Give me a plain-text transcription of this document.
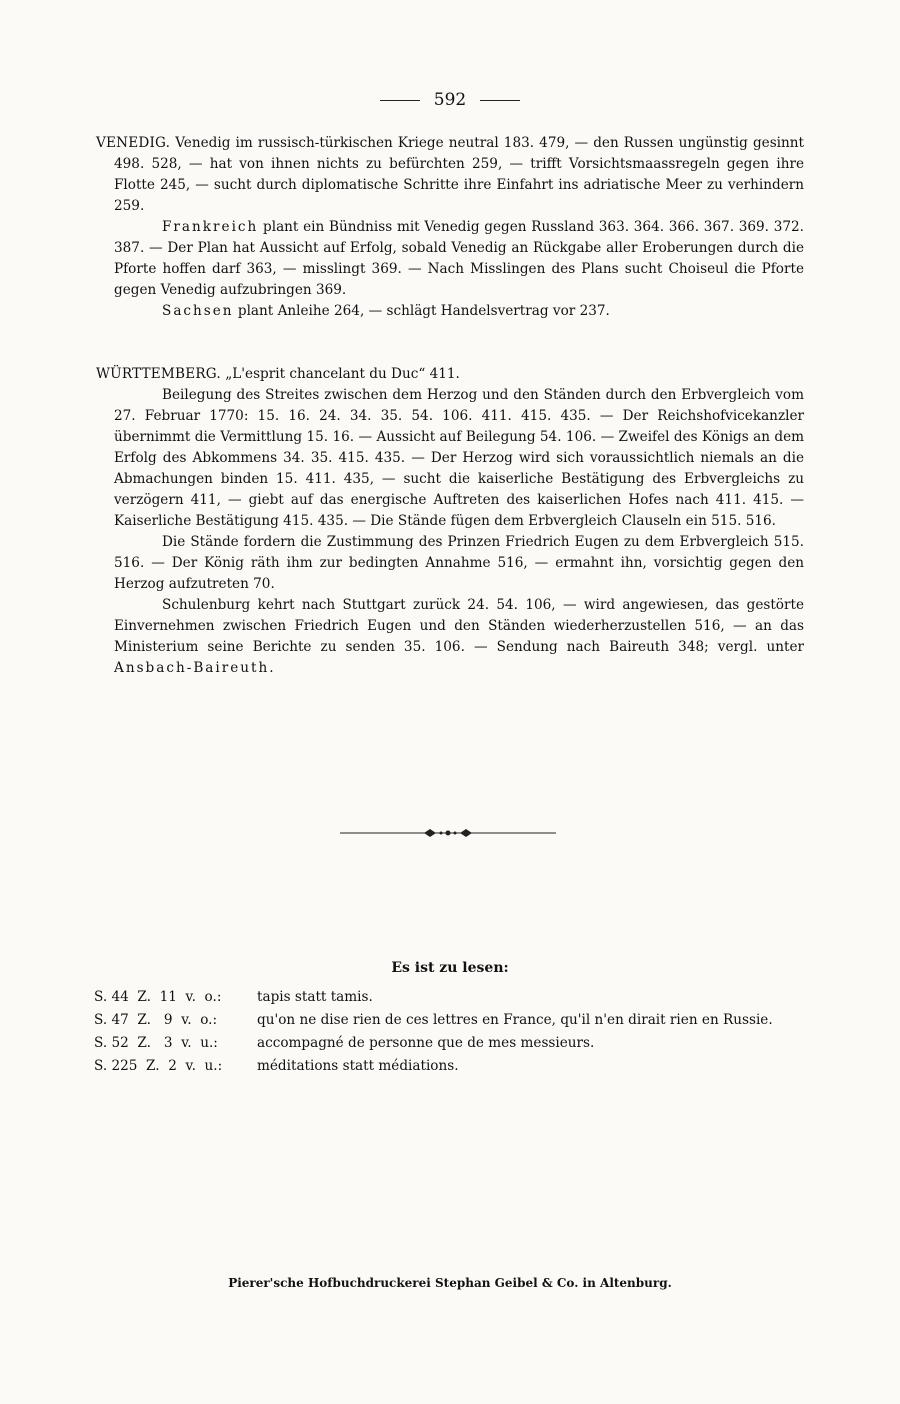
592

VENEDIG. Venedig im russisch-türkischen Kriege neutral 183. 479, — den Russen ungünstig gesinnt 498. 528, — hat von ihnen nichts zu befürchten 259, — trifft Vorsichtsmaassregeln gegen ihre Flotte 245, — sucht durch diplomatische Schritte ihre Einfahrt ins adriatische Meer zu verhindern 259.

Frankreich plant ein Bündniss mit Venedig gegen Russland 363. 364. 366. 367. 369. 372. 387. — Der Plan hat Aussicht auf Erfolg, sobald Venedig an Rückgabe aller Eroberungen durch die Pforte hoffen darf 363, — misslingt 369. — Nach Misslingen des Plans sucht Choiseul die Pforte gegen Venedig aufzubringen 369.

Sachsen plant Anleihe 264, — schlägt Handelsvertrag vor 237.

WÜRTTEMBERG. „L'esprit chancelant du Duc“ 411.

Beilegung des Streites zwischen dem Herzog und den Ständen durch den Erbvergleich vom 27. Februar 1770: 15. 16. 24. 34. 35. 54. 106. 411. 415. 435. — Der Reichshofvicekanzler übernimmt die Vermittlung 15. 16. — Aussicht auf Beilegung 54. 106. — Zweifel des Königs an dem Erfolg des Abkommens 34. 35. 415. 435. — Der Herzog wird sich voraussichtlich niemals an die Abmachungen binden 15. 411. 435, — sucht die kaiserliche Bestätigung des Erbvergleichs zu verzögern 411, — giebt auf das energische Auftreten des kaiserlichen Hofes nach 411. 415. — Kaiserliche Bestätigung 415. 435. — Die Stände fügen dem Erbvergleich Clauseln ein 515. 516.

Die Stände fordern die Zustimmung des Prinzen Friedrich Eugen zu dem Erbvergleich 515. 516. — Der König räth ihm zur bedingten Annahme 516, — ermahnt ihn, vorsichtig gegen den Herzog aufzutreten 70.

Schulenburg kehrt nach Stuttgart zurück 24. 54. 106, — wird angewiesen, das gestörte Einvernehmen zwischen Friedrich Eugen und den Ständen wiederherzustellen 516, — an das Ministerium seine Berichte zu senden 35. 106. — Sendung nach Baireuth 348; vergl. unter Ansbach-Baireuth.

Es ist zu lesen:
S. 44  Z.  11  v.  o.:	tapis statt tamis.
S. 47  Z.   9  v.  o.:	qu'on ne dise rien de ces lettres en France, qu'il n'en dirait rien en Russie.
S. 52  Z.   3  v.  u.:	accompagné de personne que de mes messieurs.
S. 225  Z.  2  v.  u.:	méditations statt médiations.
Pierer'sche Hofbuchdruckerei Stephan Geibel & Co. in Altenburg.
